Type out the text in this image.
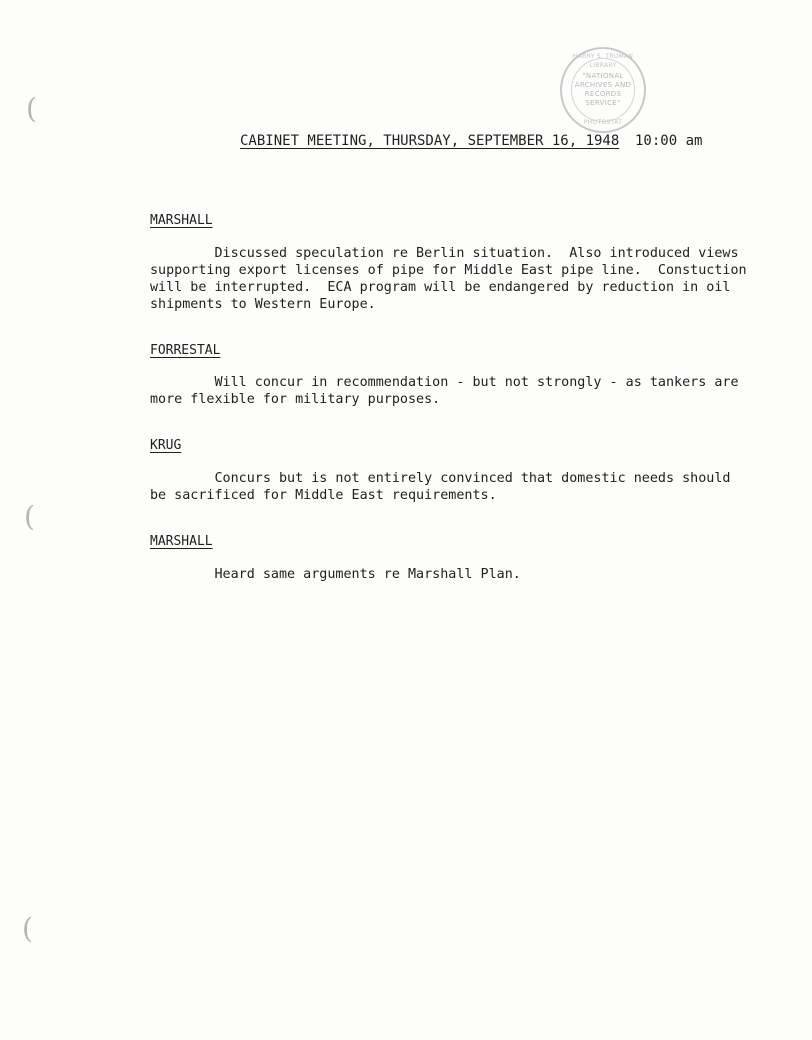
HARRY S. TRUMAN LIBRARY
"NATIONAL
ARCHIVES AND
RECORDS
SERVICE"
PHOTOSTAT
(
(
(
CABINET MEETING, THURSDAY, SEPTEMBER 16, 1948 10:00 am
MARSHALL
Discussed speculation re Berlin situation.  Also introduced views
supporting export licenses of pipe for Middle East pipe line.  Constuction
will be interrupted.  ECA program will be endangered by reduction in oil
shipments to Western Europe.
FORRESTAL
Will concur in recommendation - but not strongly - as tankers are
more flexible for military purposes.
KRUG
Concurs but is not entirely convinced that domestic needs should
be sacrificed for Middle East requirements.
MARSHALL
Heard same arguments re Marshall Plan.
